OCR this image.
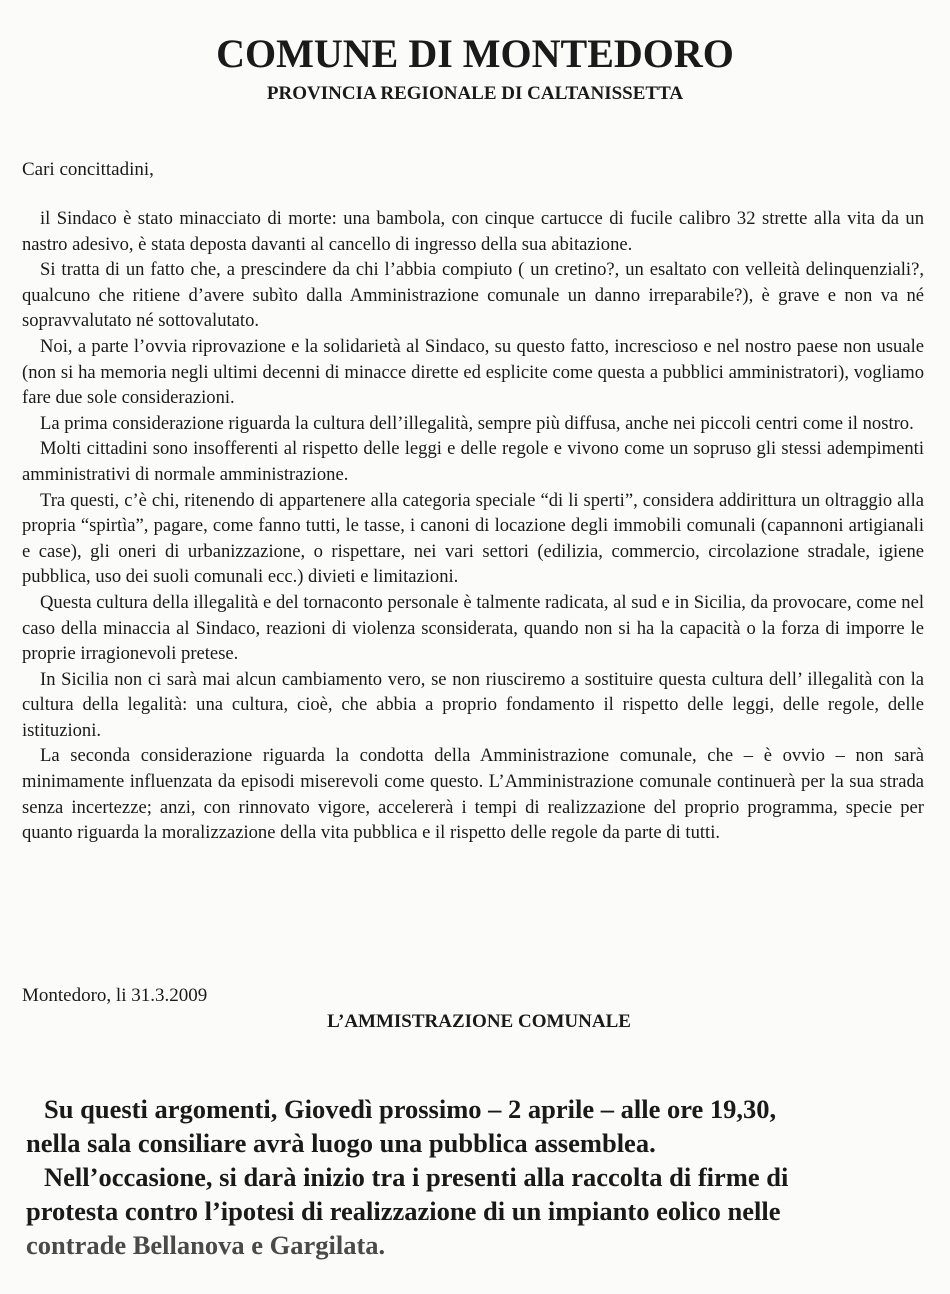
COMUNE DI MONTEDORO
PROVINCIA REGIONALE DI CALTANISSETTA

Cari concittadini,

il Sindaco è stato minacciato di morte: una bambola, con cinque cartucce di fucile calibro 32 strette alla vita da un nastro adesivo, è stata deposta davanti al cancello di ingresso della sua abitazione.

Si tratta di un fatto che, a prescindere da chi l’abbia compiuto ( un cretino?, un esaltato con velleità delinquenziali?, qualcuno che ritiene d’avere subìto dalla Amministrazione comunale un danno irreparabile?), è grave e non va né sopravvalutato né sottovalutato.

Noi, a parte l’ovvia riprovazione e la solidarietà al Sindaco, su questo fatto, increscioso e nel nostro paese non usuale (non si ha memoria negli ultimi decenni di minacce dirette ed esplicite come questa a pubblici amministratori), vogliamo fare due sole considerazioni.

La prima considerazione riguarda la cultura dell’illegalità, sempre più diffusa, anche nei piccoli centri come il nostro.

Molti cittadini sono insofferenti al rispetto delle leggi e delle regole e vivono come un sopruso gli stessi adempimenti amministrativi di normale amministrazione.

Tra questi, c’è chi, ritenendo di appartenere alla categoria speciale “di li sperti”, considera addirittura un oltraggio alla propria “spirtìa”, pagare, come fanno tutti, le tasse, i canoni di locazione degli immobili comunali (capannoni artigianali e case), gli oneri di urbanizzazione, o rispettare, nei vari settori (edilizia, commercio, circolazione stradale, igiene pubblica, uso dei suoli comunali ecc.) divieti e limitazioni.

Questa cultura della illegalità e del tornaconto personale è talmente radicata, al sud e in Sicilia, da provocare, come nel caso della minaccia al Sindaco, reazioni di violenza sconsiderata, quando non si ha la capacità o la forza di imporre le proprie irragionevoli pretese.

In Sicilia non ci sarà mai alcun cambiamento vero, se non riusciremo a sostituire questa cultura dell’ illegalità con la cultura della legalità: una cultura, cioè, che abbia a proprio fondamento il rispetto delle leggi, delle regole, delle istituzioni.

La seconda considerazione riguarda la condotta della Amministrazione comunale, che – è ovvio – non sarà minimamente influenzata da episodi miserevoli come questo. L’Amministrazione comunale continuerà per la sua strada senza incertezze; anzi, con rinnovato vigore, accelererà i tempi di realizzazione del proprio programma, specie per quanto riguarda la moralizzazione della vita pubblica e il rispetto delle regole da parte di tutti.

Montedoro, li 31.3.2009

L’AMMISTRAZIONE COMUNALE

Su questi argomenti, Giovedì prossimo – 2 aprile – alle ore 19,30,

nella sala consiliare avrà luogo una pubblica assemblea.

Nell’occasione, si darà inizio tra i presenti alla raccolta di firme di

protesta contro l’ipotesi di realizzazione di un impianto eolico nelle

contrade Bellanova e Gargilata.
